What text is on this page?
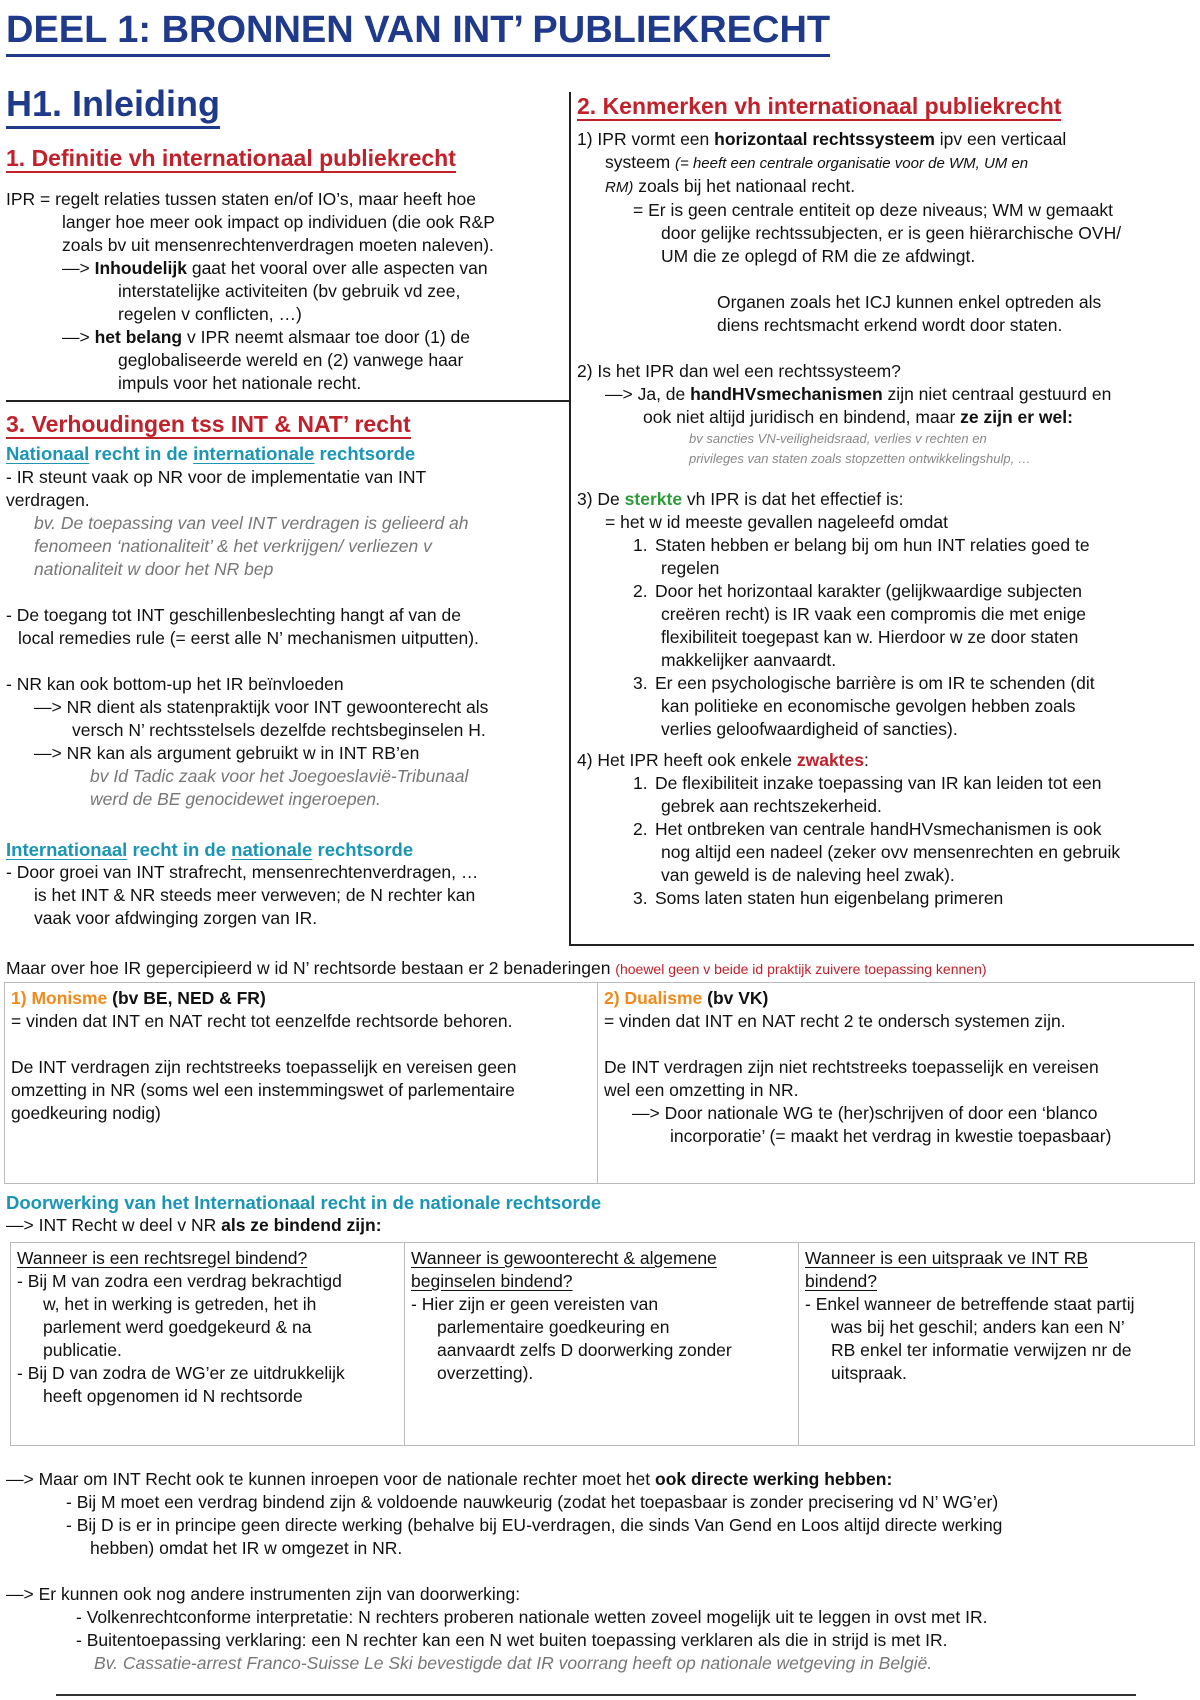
DEEL 1: BRONNEN VAN INT’ PUBLIEKRECHT
H1. Inleiding
1. Definitie vh internationaal publiekrecht
IPR = regelt relaties tussen staten en/of IO’s, maar heeft hoe
langer hoe meer ook impact op individuen (die ook R&P
zoals bv uit mensenrechtenverdragen moeten naleven).
—> Inhoudelijk gaat het vooral over alle aspecten van
interstatelijke activiteiten (bv gebruik vd zee,
regelen v conflicten, …)
—> het belang v IPR neemt alsmaar toe door (1) de
geglobaliseerde wereld en (2) vanwege haar
impuls voor het nationale recht.
3. Verhoudingen tss INT & NAT’ recht
Nationaal recht in de internationale rechtsorde
- IR steunt vaak op NR voor de implementatie van INT
verdragen.
bv. De toepassing van veel INT verdragen is gelieerd ah
fenomeen ‘nationaliteit’ & het verkrijgen/ verliezen v
nationaliteit w door het NR bep
- De toegang tot INT geschillenbeslechting hangt af van de
local remedies rule (= eerst alle N’ mechanismen uitputten).
- NR kan ook bottom-up het IR beïnvloeden
—> NR dient als statenpraktijk voor INT gewoonterecht als
versch N’ rechtsstelsels dezelfde rechtsbeginselen H.
—> NR kan als argument gebruikt w in INT RB’en
bv Id Tadic zaak voor het Joegoeslavië-Tribunaal
werd de BE genocidewet ingeroepen.
Internationaal recht in de nationale rechtsorde
- Door groei van INT strafrecht, mensenrechtenverdragen, …
is het INT & NR steeds meer verweven; de N rechter kan
vaak voor afdwinging zorgen van IR.
2. Kenmerken vh internationaal publiekrecht
1) IPR vormt een horizontaal rechtssysteem ipv een verticaal
systeem (= heeft een centrale organisatie voor de WM, UM en
RM) zoals bij het nationaal recht.
= Er is geen centrale entiteit op deze niveaus; WM w gemaakt
door gelijke rechtssubjecten, er is geen hiërarchische OVH/
UM die ze oplegd of RM die ze afdwingt.
Organen zoals het ICJ kunnen enkel optreden als
diens rechtsmacht erkend wordt door staten.
2) Is het IPR dan wel een rechtssysteem?
—> Ja, de handHVsmechanismen zijn niet centraal gestuurd en
ook niet altijd juridisch en bindend, maar ze zijn er wel:
bv sancties VN-veiligheidsraad, verlies v rechten en
privileges van staten zoals stopzetten ontwikkelingshulp, …
3) De sterkte vh IPR is dat het effectief is:
= het w id meeste gevallen nageleefd omdat
1. Staten hebben er belang bij om hun INT relaties goed te
regelen
2. Door het horizontaal karakter (gelijkwaardige subjecten
creëren recht) is IR vaak een compromis die met enige
flexibiliteit toegepast kan w. Hierdoor w ze door staten
makkelijker aanvaardt.
3. Er een psychologische barrière is om IR te schenden (dit
kan politieke en economische gevolgen hebben zoals
verlies geloofwaardigheid of sancties).
4) Het IPR heeft ook enkele zwaktes:
1. De flexibiliteit inzake toepassing van IR kan leiden tot een
gebrek aan rechtszekerheid.
2. Het ontbreken van centrale handHVsmechanismen is ook
nog altijd een nadeel (zeker ovv mensenrechten en gebruik
van geweld is de naleving heel zwak).
3. Soms laten staten hun eigenbelang primeren
Maar over hoe IR gepercipieerd w id N’ rechtsorde bestaan er 2 benaderingen (hoewel geen v beide id praktijk zuivere toepassing kennen)
1) Monisme (bv BE, NED & FR)
= vinden dat INT en NAT recht tot eenzelfde rechtsorde behoren.
De INT verdragen zijn rechtstreeks toepasselijk en vereisen geen
omzetting in NR (soms wel een instemmingswet of parlementaire
goedkeuring nodig)
2) Dualisme (bv VK)
= vinden dat INT en NAT recht 2 te ondersch systemen zijn.
De INT verdragen zijn niet rechtstreeks toepasselijk en vereisen
wel een omzetting in NR.
—> Door nationale WG te (her)schrijven of door een ‘blanco
incorporatie’ (= maakt het verdrag in kwestie toepasbaar)
Doorwerking van het Internationaal recht in de nationale rechtsorde
—> INT Recht w deel v NR als ze bindend zijn:
Wanneer is een rechtsregel bindend?
- Bij M van zodra een verdrag bekrachtigd
w, het in werking is getreden, het ih
parlement werd goedgekeurd & na
publicatie.
- Bij D van zodra de WG’er ze uitdrukkelijk
heeft opgenomen id N rechtsorde
Wanneer is gewoonterecht & algemene
beginselen bindend?
- Hier zijn er geen vereisten van
parlementaire goedkeuring en
aanvaardt zelfs D doorwerking zonder
overzetting).
Wanneer is een uitspraak ve INT RB
bindend?
- Enkel wanneer de betreffende staat partij
was bij het geschil; anders kan een N’
RB enkel ter informatie verwijzen nr de
uitspraak.
—> Maar om INT Recht ook te kunnen inroepen voor de nationale rechter moet het ook directe werking hebben:
- Bij M moet een verdrag bindend zijn & voldoende nauwkeurig (zodat het toepasbaar is zonder precisering vd N’ WG’er)
- Bij D is er in principe geen directe werking (behalve bij EU-verdragen, die sinds Van Gend en Loos altijd directe werking
hebben) omdat het IR w omgezet in NR.
—> Er kunnen ook nog andere instrumenten zijn van doorwerking:
- Volkenrechtconforme interpretatie: N rechters proberen nationale wetten zoveel mogelijk uit te leggen in ovst met IR.
- Buitentoepassing verklaring: een N rechter kan een N wet buiten toepassing verklaren als die in strijd is met IR.
Bv. Cassatie-arrest Franco-Suisse Le Ski bevestigde dat IR voorrang heeft op nationale wetgeving in België.
